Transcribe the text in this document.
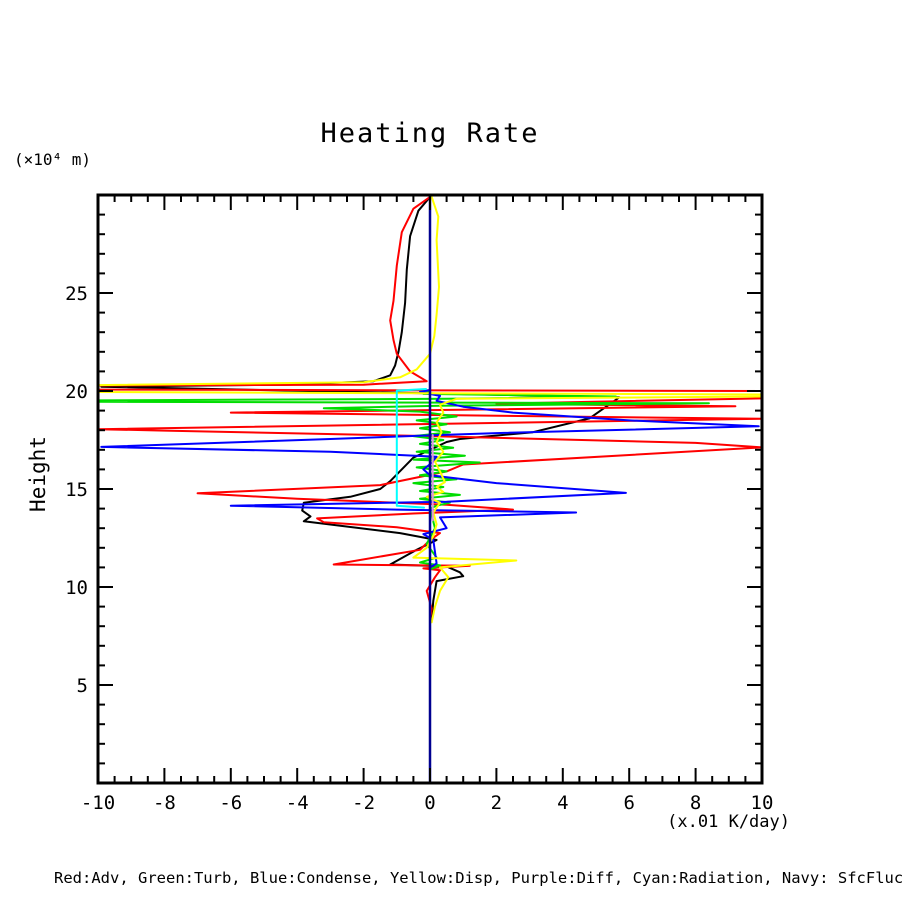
-10 -8 -6 -4 -2	0	2	4	6	8	10
5
10
15
20
25
Heating Rate
(×10⁴ m)
Height
(x.01 K/day)
Red:Adv, Green:Turb, Blue:Condense, Yellow:Disp, Purple:Diff, Cyan:Radiation, Navy: SfcFluc
